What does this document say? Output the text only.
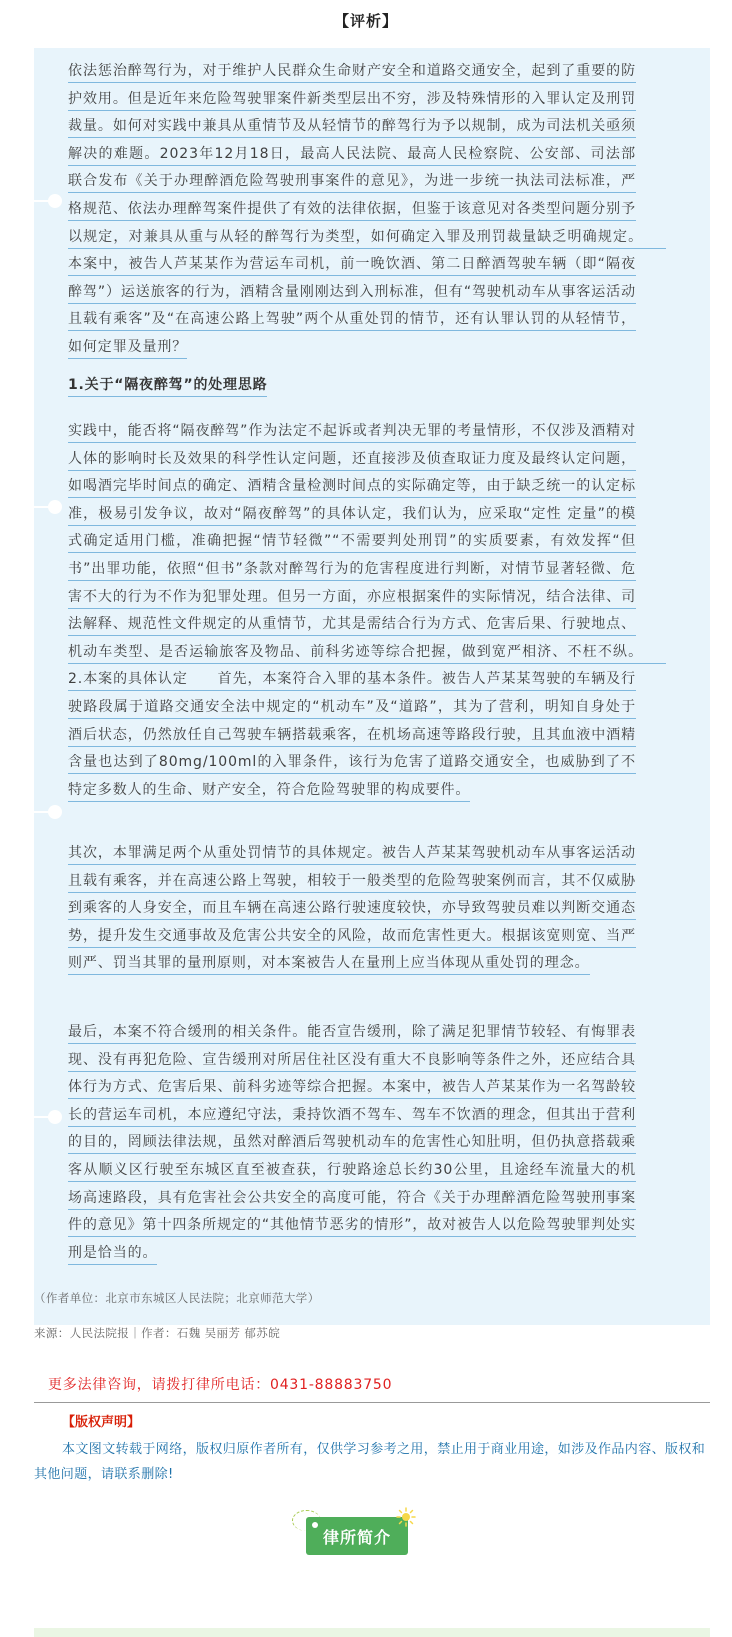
【评析】
依法惩治醉驾行为，对于维护人民群众生命财产安全和道路交通安全，起到了重要的防护效用。但是近年来危险驾驶罪案件新类型层出不穷，涉及特殊情形的入罪认定及刑罚裁量。如何对实践中兼具从重情节及从轻情节的醉驾行为予以规制，成为司法机关亟须解决的难题。2023年12月18日，最高人民法院、最高人民检察院、公安部、司法部联合发布《关于办理醉酒危险驾驶刑事案件的意见》，为进一步统一执法司法标准，严格规范、依法办理醉驾案件提供了有效的法律依据，但鉴于该意见对各类型问题分别予以规定，对兼具从重与从轻的醉驾行为类型，如何确定入罪及刑罚裁量缺乏明确规定。　　本案中，被告人芦某某作为营运车司机，前一晚饮酒、第二日醉酒驾驶车辆（即“隔夜醉驾”）运送旅客的行为，酒精含量刚刚达到入刑标准，但有“驾驶机动车从事客运活动且载有乘客”及“在高速公路上驾驶”两个从重处罚的情节，还有认罪认罚的从轻情节，如何定罪及量刑？
1.关于“隔夜醉驾”的处理思路
实践中，能否将“隔夜醉驾”作为法定不起诉或者判决无罪的考量情形，不仅涉及酒精对人体的影响时长及效果的科学性认定问题，还直接涉及侦查取证力度及最终认定问题，如喝酒完毕时间点的确定、酒精含量检测时间点的实际确定等，由于缺乏统一的认定标准，极易引发争议，故对“隔夜醉驾”的具体认定，我们认为，应采取“定性 定量”的模式确定适用门槛，准确把握“情节轻微”“不需要判处刑罚”的实质要素，有效发挥“但书”出罪功能，依照“但书”条款对醉驾行为的危害程度进行判断，对情节显著轻微、危害不大的行为不作为犯罪处理。但另一方面，亦应根据案件的实际情况，结合法律、司法解释、规范性文件规定的从重情节，尤其是需结合行为方式、危害后果、行驶地点、机动车类型、是否运输旅客及物品、前科劣迹等综合把握，做到宽严相济、不枉不纵。　　2.本案的具体认定　　首先，本案符合入罪的基本条件。被告人芦某某驾驶的车辆及行驶路段属于道路交通安全法中规定的“机动车”及“道路”，其为了营利，明知自身处于酒后状态，仍然放任自己驾驶车辆搭载乘客，在机场高速等路段行驶，且其血液中酒精含量也达到了80mg/100ml的入罪条件，该行为危害了道路交通安全，也威胁到了不特定多数人的生命、财产安全，符合危险驾驶罪的构成要件。
其次，本罪满足两个从重处罚情节的具体规定。被告人芦某某驾驶机动车从事客运活动且载有乘客，并在高速公路上驾驶，相较于一般类型的危险驾驶案例而言，其不仅威胁到乘客的人身安全，而且车辆在高速公路行驶速度较快，亦导致驾驶员难以判断交通态势，提升发生交通事故及危害公共安全的风险，故而危害性更大。根据该宽则宽、当严则严、罚当其罪的量刑原则，对本案被告人在量刑上应当体现从重处罚的理念。
最后，本案不符合缓刑的相关条件。能否宣告缓刑，除了满足犯罪情节较轻、有悔罪表现、没有再犯危险、宣告缓刑对所居住社区没有重大不良影响等条件之外，还应结合具体行为方式、危害后果、前科劣迹等综合把握。本案中，被告人芦某某作为一名驾龄较长的营运车司机，本应遵纪守法，秉持饮酒不驾车、驾车不饮酒的理念，但其出于营利的目的，罔顾法律法规，虽然对醉酒后驾驶机动车的危害性心知肚明，但仍执意搭载乘客从顺义区行驶至东城区直至被查获，行驶路途总长约30公里，且途经车流量大的机场高速路段，具有危害社会公共安全的高度可能，符合《关于办理醉酒危险驾驶刑事案件的意见》第十四条所规定的“其他情节恶劣的情形”，故对被告人以危险驾驶罪判处实刑是恰当的。
（作者单位：北京市东城区人民法院；北京师范大学）
来源：人民法院报｜作者：石魏 吴丽芳 郁苏皖
更多法律咨询，请拨打律所电话：0431-88883750
【版权声明】
本文图文转载于网络，版权归原作者所有，仅供学习参考之用，禁止用于商业用途，如涉及作品内容、版权和其他问题，请联系删除!
律所简介
